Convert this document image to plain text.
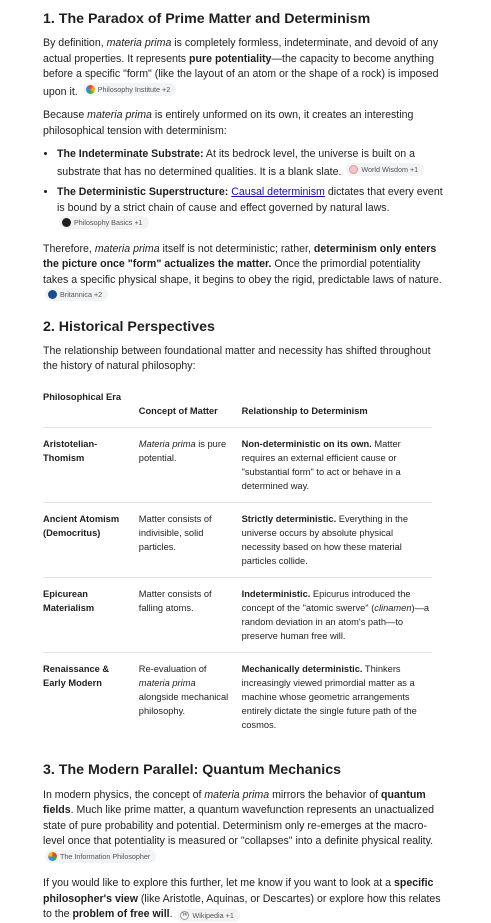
1. The Paradox of Prime Matter and Determinism

By definition, materia prima is completely formless, indeterminate, and devoid of any actual properties. It represents pure potentiality—the capacity to become anything before a specific "form" (like the layout of an atom or the shape of a rock) is imposed upon it.	Philosophy Institute +2

Because materia prima is entirely unformed on its own, it creates an interesting philosophical tension with determinism:

• The Indeterminate Substrate: At its bedrock level, the universe is built on a substrate that has no determined qualities. It is a blank slate.	World Wisdom +1
• The Deterministic Superstructure: Causal determinism dictates that every event is bound by a strict chain of cause and effect governed by natural laws.
Philosophy Basics +1

Therefore, materia prima itself is not deterministic; rather, determinism only enters the picture once "form" actualizes the matter. Once the primordial potentiality takes a specific physical shape, it begins to obey the rigid, predictable laws of nature.
Britannica +2

2. Historical Perspectives

The relationship between foundational matter and necessity has shifted throughout the history of natural philosophy:

Philosophical Era	Concept of Matter	Relationship to Determinism
Aristotelian-Thomism	Materia prima is pure potential.	Non-deterministic on its own. Matter requires an external efficient cause or "substantial form" to act or behave in a determined way.
Ancient Atomism (Democritus)	Matter consists of indivisible, solid particles.	Strictly deterministic. Everything in the universe occurs by absolute physical necessity based on how these material particles collide.
Epicurean Materialism	Matter consists of falling atoms.	Indeterministic. Epicurus introduced the concept of the "atomic swerve" (clinamen)—a random deviation in an atom's path—to preserve human free will.
Renaissance & Early Modern	Re-evaluation of materia prima alongside mechanical philosophy.	Mechanically deterministic. Thinkers increasingly viewed primordial matter as a machine whose geometric arrangements entirely dictate the single future path of the cosmos.
3. The Modern Parallel: Quantum Mechanics

In modern physics, the concept of materia prima mirrors the behavior of quantum fields. Much like prime matter, a quantum wavefunction represents an unactualized state of pure probability and potential. Determinism only re-emerges at the macro-level once that potentiality is measured or "collapses" into a definite physical reality.
The Information Philosopher

If you would like to explore this further, let me know if you want to look at a specific philosopher's view (like Aristotle, Aquinas, or Descartes) or explore how this relates to the problem of free will. W Wikipedia +1
